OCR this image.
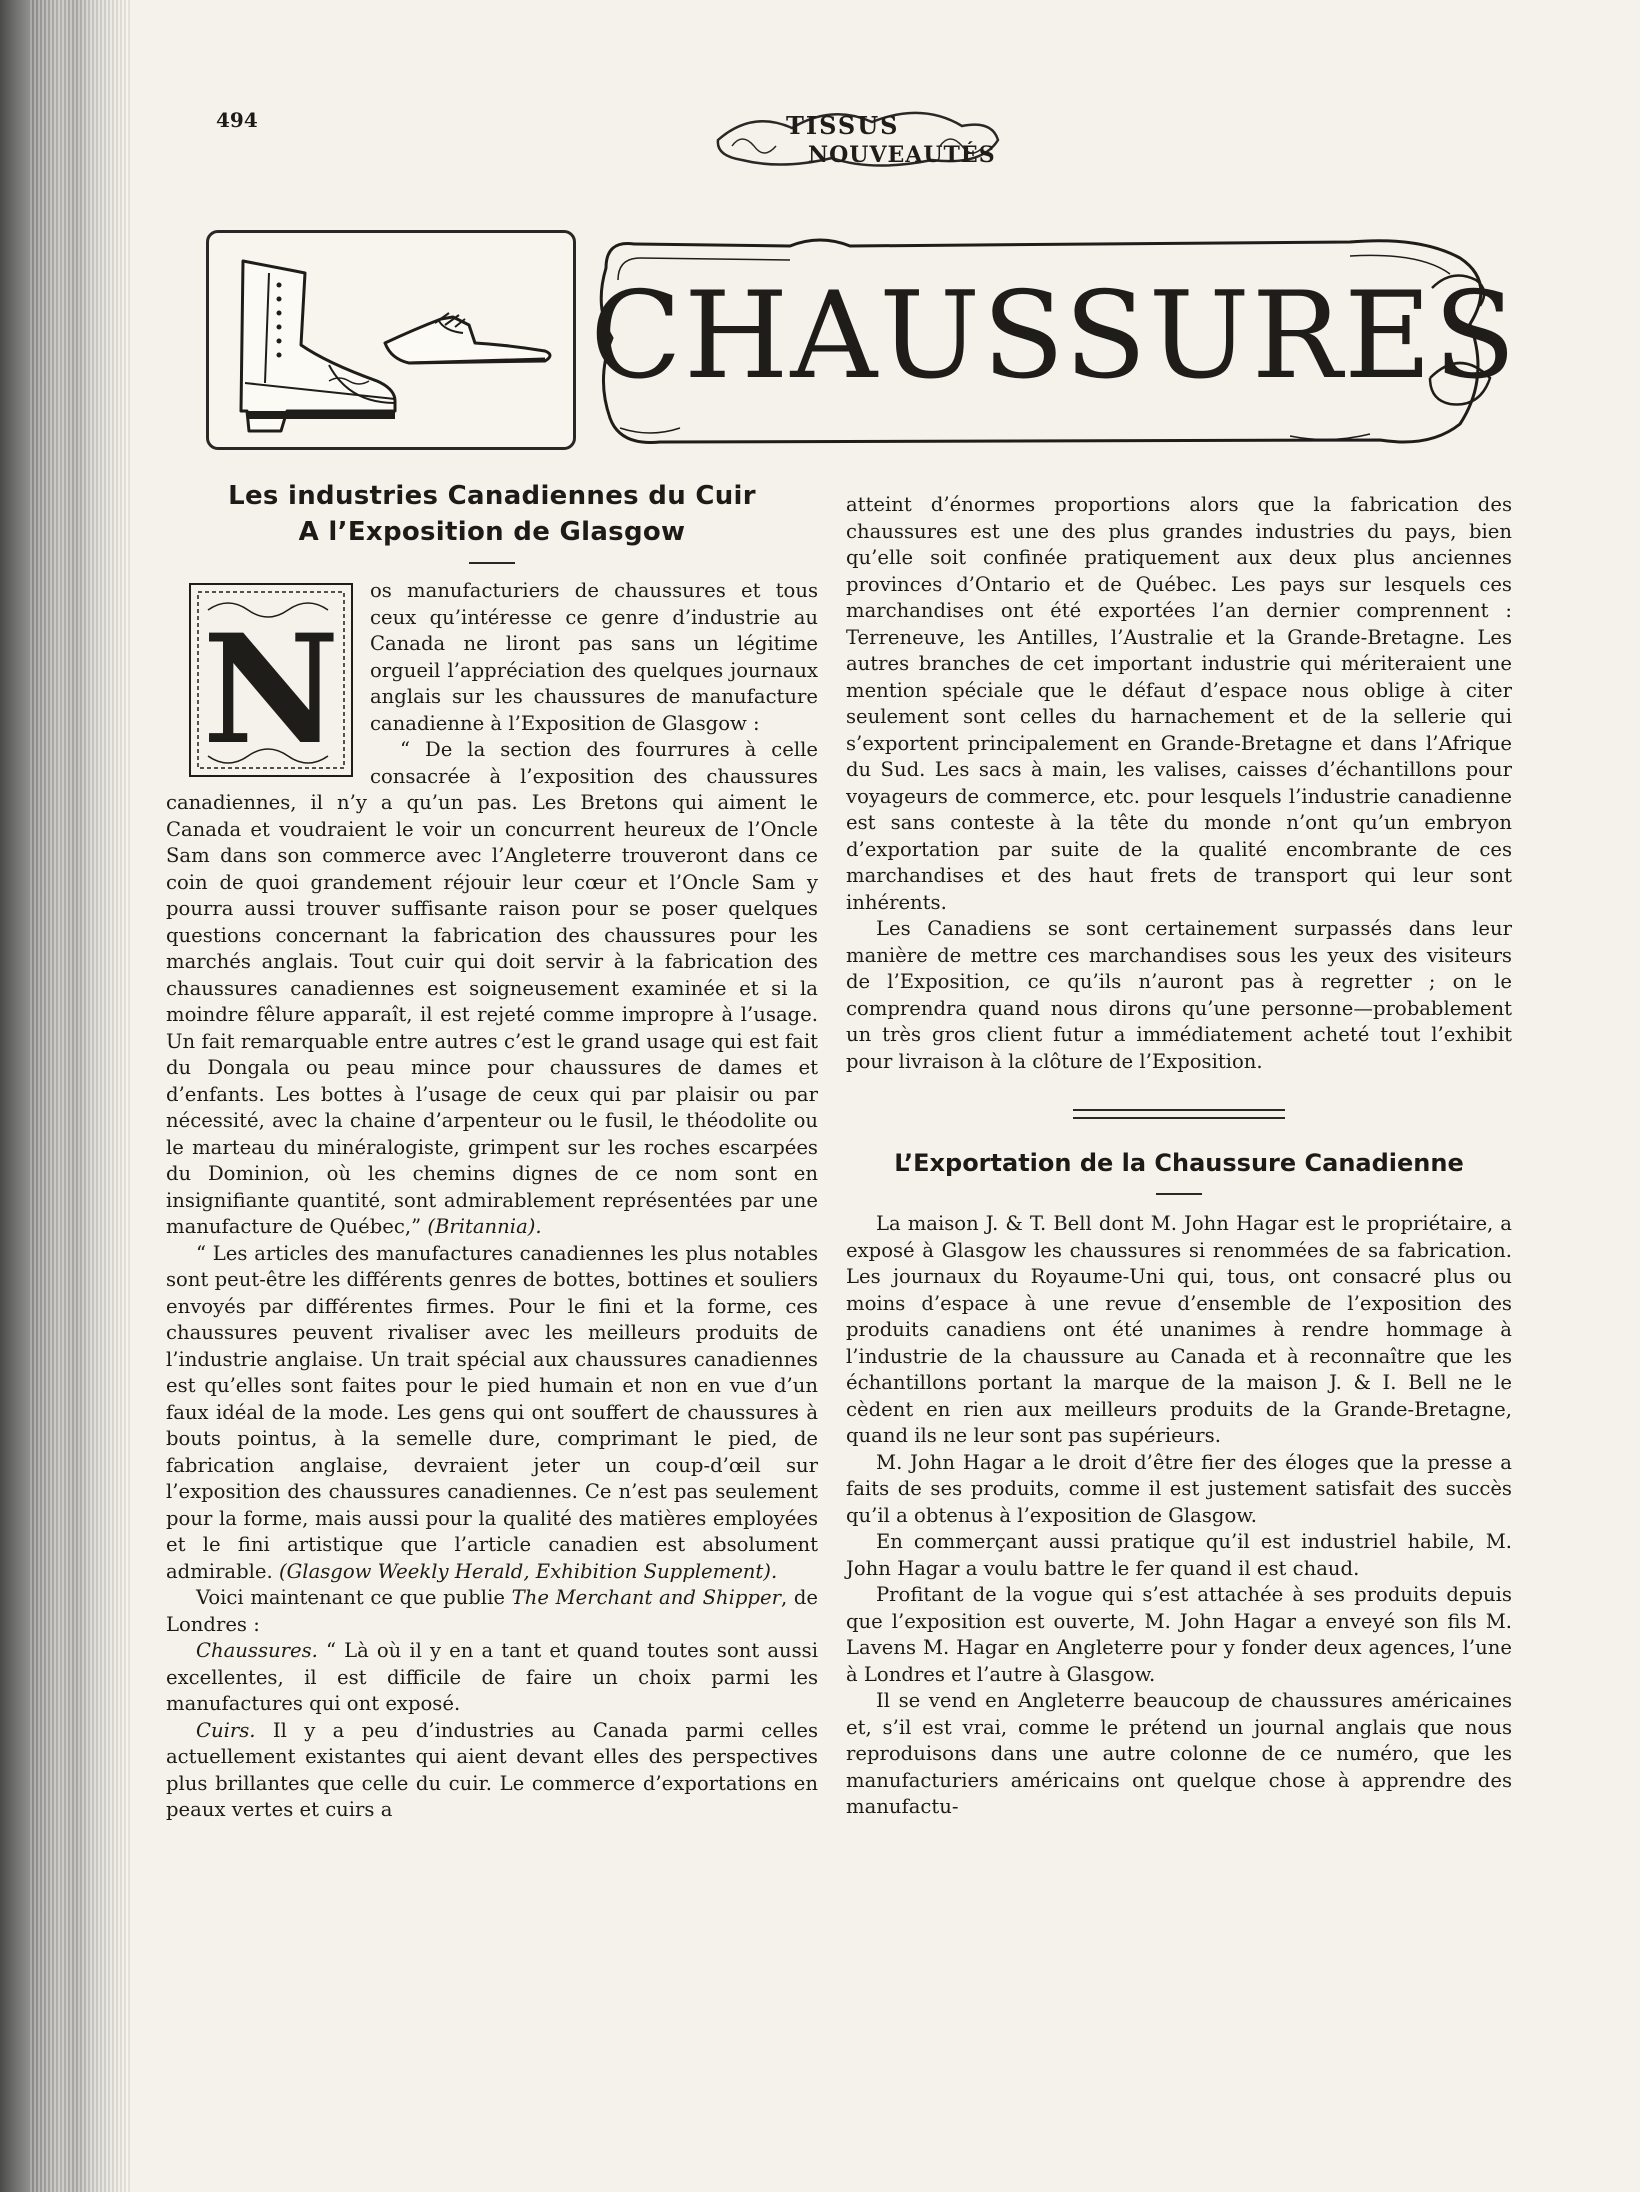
494	TISSUS
NOUVEAUTÉS
CHAUSSURES
Les industries Canadiennes du Cuir
A l’Exposition de Glasgow
N

os manufacturiers de chaussures et tous ceux qu’intéresse ce genre d’industrie au Canada ne liront pas sans un légitime orgueil l’appréciation des quelques journaux anglais sur les chaussures de manufacture canadienne à l’Exposition de Glasgow :

“ De la section des fourrures à celle consacrée à l’exposition des chaussures canadiennes, il n’y a qu’un pas. Les Bretons qui aiment le Canada et voudraient le voir un concurrent heureux de l’Oncle Sam dans son commerce avec l’Angleterre trouveront dans ce coin de quoi grandement réjouir leur cœur et l’Oncle Sam y pourra aussi trouver suffisante raison pour se poser quelques questions concernant la fabrication des chaussures pour les marchés anglais. Tout cuir qui doit servir à la fabrication des chaussures canadiennes est soigneusement examinée et si la moindre fêlure apparaît, il est rejeté comme impropre à l’usage. Un fait remarquable entre autres c’est le grand usage qui est fait du Dongala ou peau mince pour chaussures de dames et d’enfants. Les bottes à l’usage de ceux qui par plaisir ou par nécessité, avec la chaine d’arpenteur ou le fusil, le théodolite ou le marteau du minéralogiste, grimpent sur les roches escarpées du Dominion, où les chemins dignes de ce nom sont en insignifiante quantité, sont admirablement représentées par une manufacture de Québec,” (Britannia).

“ Les articles des manufactures canadiennes les plus notables sont peut-être les différents genres de bottes, bottines et souliers envoyés par différentes firmes. Pour le fini et la forme, ces chaussures peuvent rivaliser avec les meilleurs produits de l’industrie anglaise. Un trait spécial aux chaussures canadiennes est qu’elles sont faites pour le pied humain et non en vue d’un faux idéal de la mode. Les gens qui ont souffert de chaussures à bouts pointus, à la semelle dure, comprimant le pied, de fabrication anglaise, devraient jeter un coup-d’œil sur l’exposition des chaussures canadiennes. Ce n’est pas seulement pour la forme, mais aussi pour la qualité des matières employées et le fini artistique que l’article canadien est absolument admirable. (Glasgow Weekly Herald, Exhibition Supplement).

Voici maintenant ce que publie The Merchant and Shipper, de Londres :

Chaussures. “ Là où il y en a tant et quand toutes sont aussi excellentes, il est difficile de faire un choix parmi les manufactures qui ont exposé.

Cuirs. Il y a peu d’industries au Canada parmi celles actuellement existantes qui aient devant elles des perspectives plus brillantes que celle du cuir. Le commerce d’exportations en peaux vertes et cuirs a

atteint d’énormes proportions alors que la fabrication des chaussures est une des plus grandes industries du pays, bien qu’elle soit confinée pratiquement aux deux plus anciennes provinces d’Ontario et de Québec. Les pays sur lesquels ces marchandises ont été exportées l’an dernier comprennent : Terreneuve, les Antilles, l’Australie et la Grande-Bretagne. Les autres branches de cet important industrie qui mériteraient une mention spéciale que le défaut d’espace nous oblige à citer seulement sont celles du harnachement et de la sellerie qui s’exportent principalement en Grande-Bretagne et dans l’Afrique du Sud. Les sacs à main, les valises, caisses d’échantillons pour voyageurs de commerce, etc. pour lesquels l’industrie canadienne est sans conteste à la tête du monde n’ont qu’un embryon d’exportation par suite de la qualité encombrante de ces marchandises et des haut frets de transport qui leur sont inhérents.

Les Canadiens se sont certainement surpassés dans leur manière de mettre ces marchandises sous les yeux des visiteurs de l’Exposition, ce qu’ils n’auront pas à regretter ; on le comprendra quand nous dirons qu’une personne—probablement un très gros client futur a immédiatement acheté tout l’exhibit pour livraison à la clôture de l’Exposition.

L’Exportation de la Chaussure Canadienne

La maison J. & T. Bell dont M. John Hagar est le propriétaire, a exposé à Glasgow les chaussures si renommées de sa fabrication. Les journaux du Royaume-Uni qui, tous, ont consacré plus ou moins d’espace à une revue d’ensemble de l’exposition des produits canadiens ont été unanimes à rendre hommage à l’industrie de la chaussure au Canada et à reconnaître que les échantillons portant la marque de la maison J. & I. Bell ne le cèdent en rien aux meilleurs produits de la Grande-Bretagne, quand ils ne leur sont pas supérieurs.

M. John Hagar a le droit d’être fier des éloges que la presse a faits de ses produits, comme il est justement satisfait des succès qu’il a obtenus à l’exposition de Glasgow.

En commerçant aussi pratique qu’il est industriel habile, M. John Hagar a voulu battre le fer quand il est chaud.

Profitant de la vogue qui s’est attachée à ses produits depuis que l’exposition est ouverte, M. John Hagar a enveyé son fils M. Lavens M. Hagar en Angleterre pour y fonder deux agences, l’une à Londres et l’autre à Glasgow.

Il se vend en Angleterre beaucoup de chaussures américaines et, s’il est vrai, comme le prétend un journal anglais que nous reproduisons dans une autre colonne de ce numéro, que les manufacturiers américains ont quelque chose à apprendre des manufactu-
